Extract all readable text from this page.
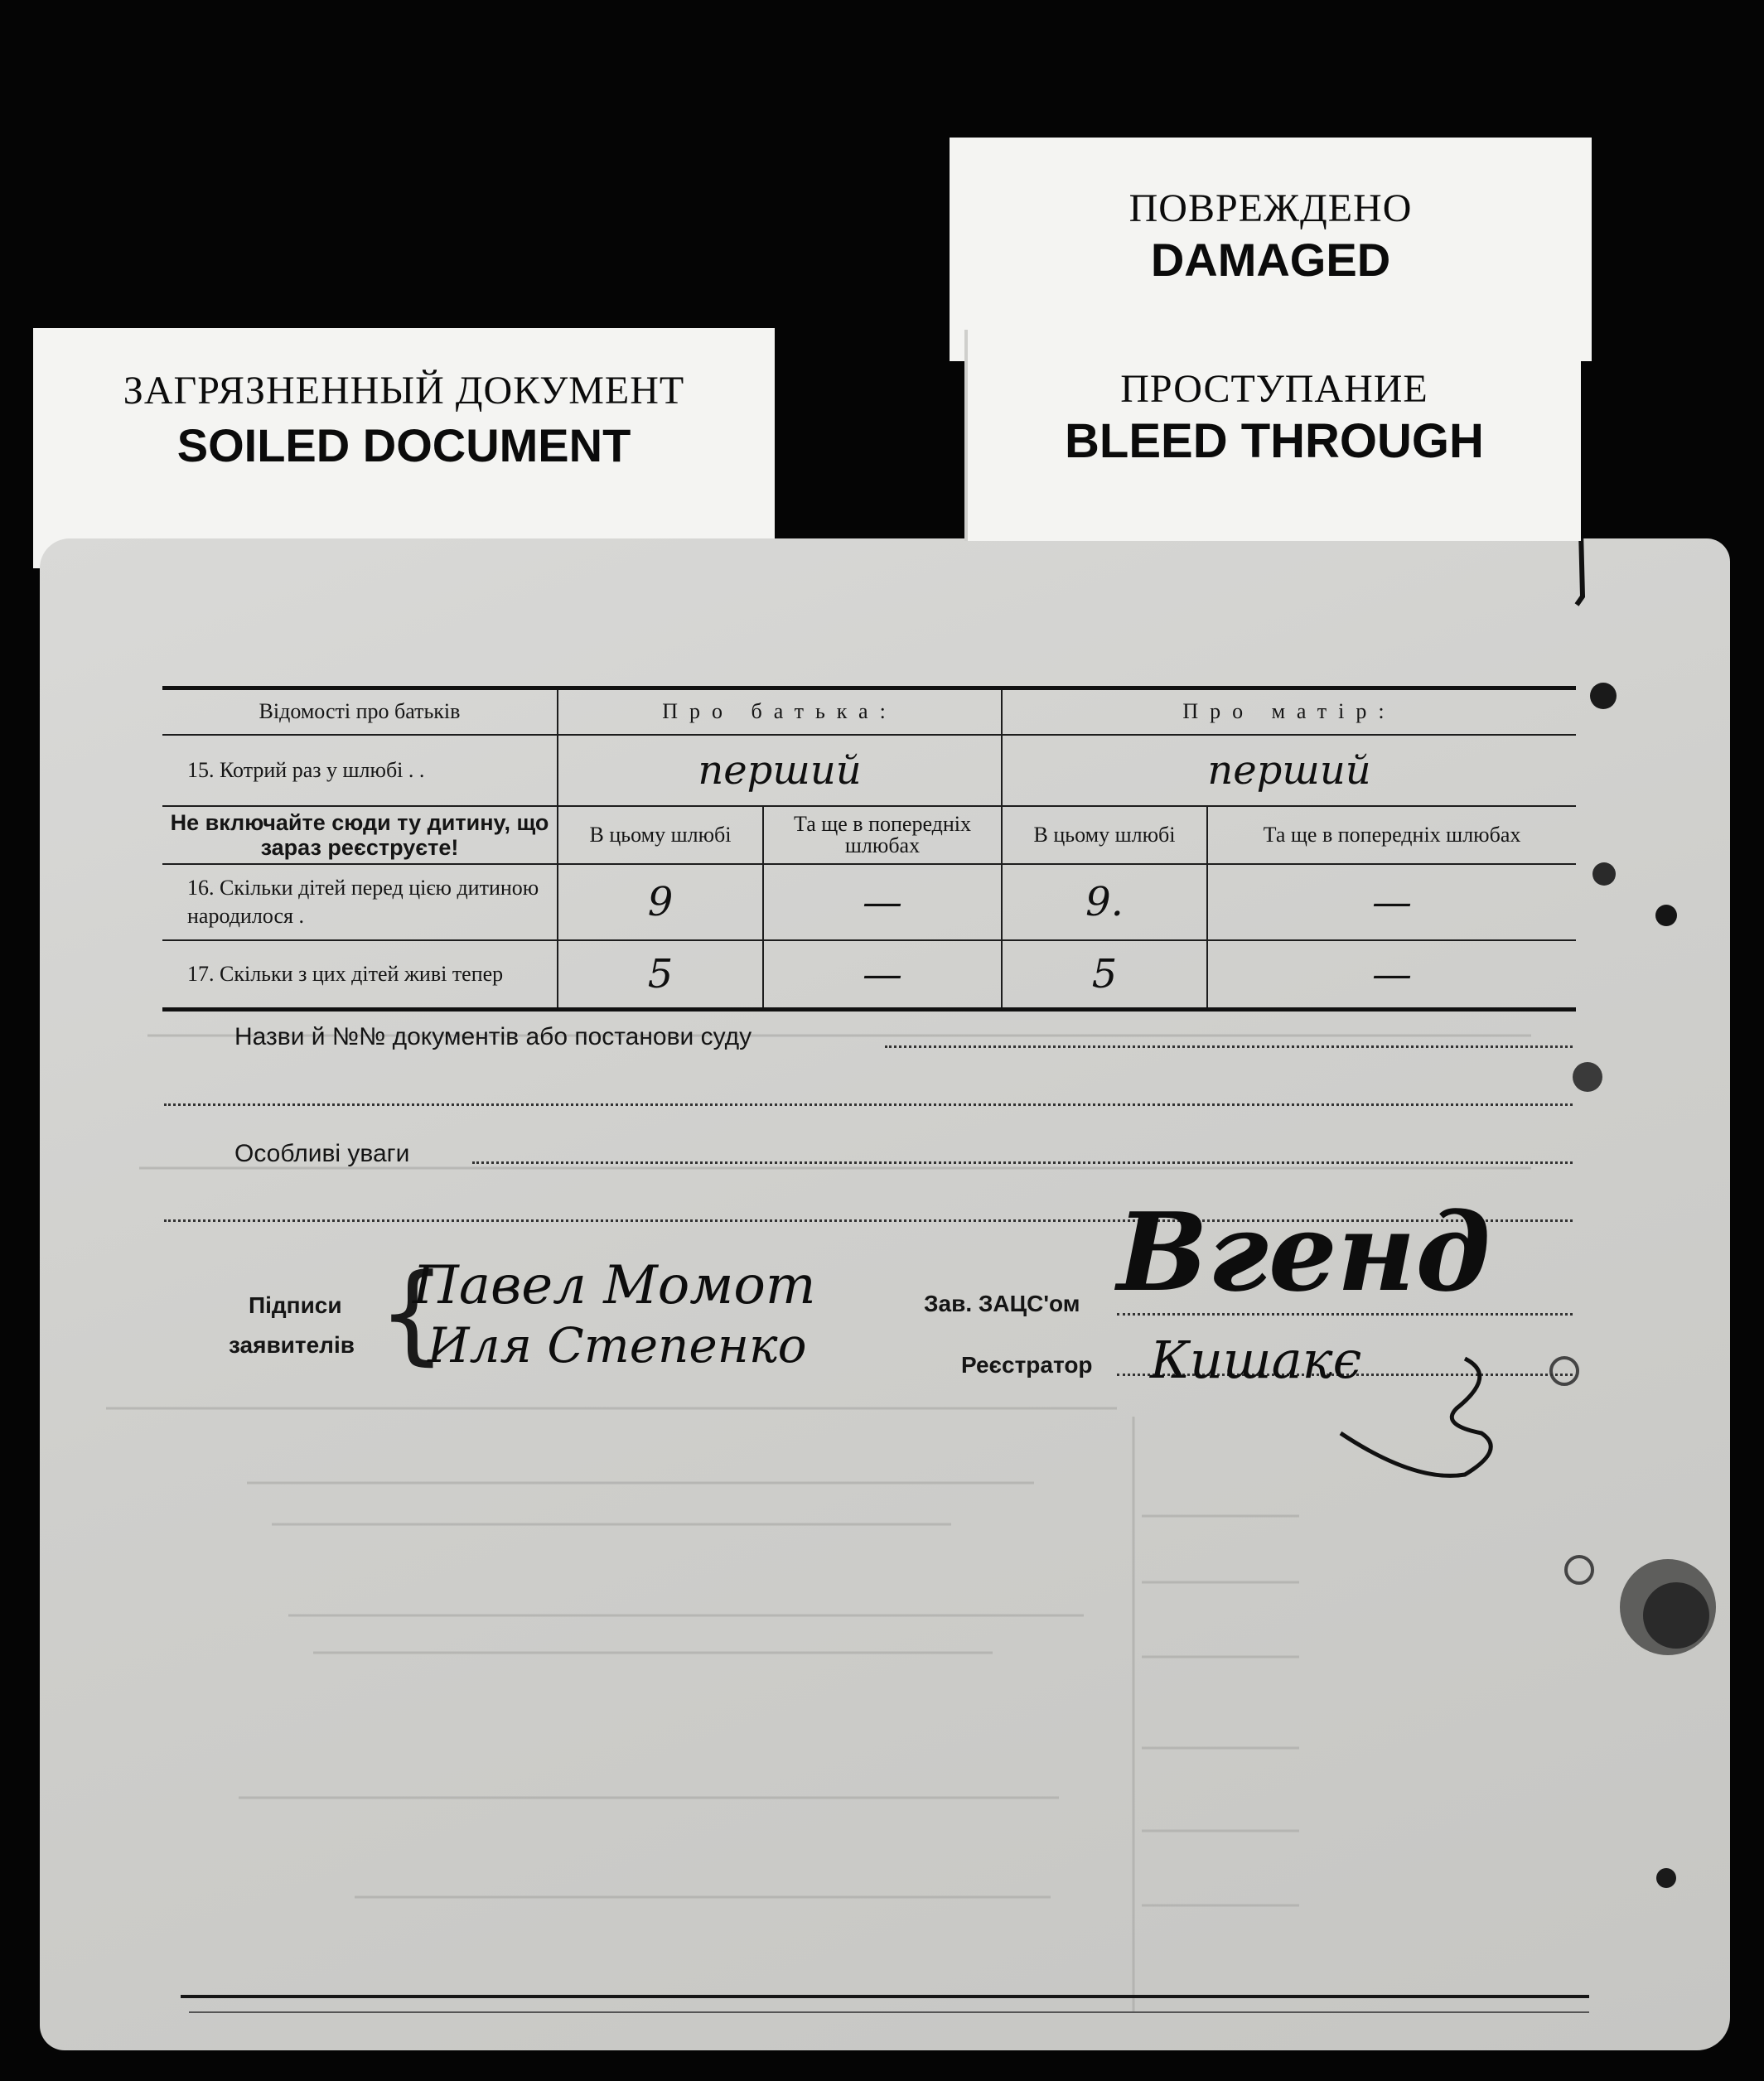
ЗАГРЯЗНЕННЫЙ ДОКУМЕНТ
SOILED DOCUMENT
ПОВРЕЖДЕНО
DAMAGED
Відомості про батьків	Про батька:		Про матір:	
15. Котрий раз у шлюбі . .	перший		перший	
Не включайте сюди ту дитину, що зараз реєструєте!	В цьому шлюбі	Та ще в попередніх шлюбах	В цьому шлюбі	Та ще в попередніх шлюбах
16. Скільки дітей перед цією дитиною народилося .	9	—	9.	—
17. Скільки з цих дітей живі тепер	5	—	5	—
Назви й №№ документів або постанови суду
Особливі уваги
Підписи
заявителів {
Павел Момот
Иля Степенко
Зав. ЗАЦС'ом Вгенд
Реєстратор Кишакє
ПРОСТУПАНИЕ
BLEED THROUGH
